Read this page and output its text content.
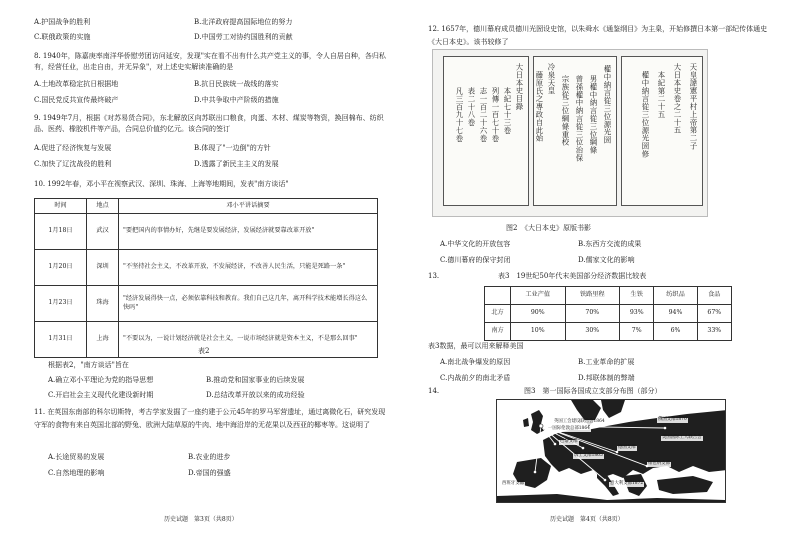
A.护国战争的胜利	B.北洋政府提高国际地位的努力
C.联俄政策的实施	D.中国劳工对协约国胜利的贡献
8. 1940年，陈嘉庚率南洋华侨慰劳团访问延安，发现"实在看不出有什么共产党主义的事，令人自居自种，各归私有，经营任业，出走自由，并无异象"，对上述史实解读准确的是
A.土地改革稳定抗日根据地	B.抗日民族统一战线的落实
C.国民党反共宣传最终破产	D.中共争取中产阶级的措施
9. 1949年7月，根据《对苏易货合同》，东北解放区向苏联出口粮食，肉蛋、木材、煤炭等物资，换回棉布、纺织品、医药、橡胶机件等产品，合同总价值约亿元。该合同的签订
A.促进了经济恢复与发展	B.体现了"一边倒"的方针
C.加快了辽沈战役的胜利	D.透露了新民主主义的发展
10. 1992年春，邓小平在视察武汉、深圳、珠海、上海等地期间，发表"南方谈话"
时间	地点	邓小平讲话摘要
1月18日	武汉	"要把国内的事情办好，先继是要发展经济，发展经济就要靠改革开放"
1月20日	深圳	"不坚持社会主义，不改革开放，不发展经济，不改善人民生活，只能是死路一条"
1月23日	珠海	"经济发展得快一点，必须依靠科技和教育。我们自己这几年，离开科学技术能增长得这么快吗"
1月31日	上海	"不要以为，一说计划经济就是社会主义，一说市场经济就是资本主义，不是那么回事"
表2
根据表2，"南方谈话"旨在
A.确立邓小平理论为党的指导思想	B.推动党和国家事业的后续发展
C.开启社会主义现代化建设新时期	D.总结改革开放以来的成功经验
11. 在英国东南部的科尔切斯特，考古学家发掘了一座约建于公元45年的罗马军营遗址，通过离微化石，研究发现守军的食物有来自英国北部的野兔、欧洲大陆草原的牛肉、地中海沿岸的无花果以及西亚的椰枣等。这说明了
A.长途贸易的发展	B.农业的进步
C.自然地理的影响	D.帝国的强盛
历史试题　第3页（共8页）
12. 1657年，德川幕府成员德川光圀设史馆，以朱舜水《通鉴纲目》为主臬，开始修撰日本第一部纪传体通史《大日本史》。该书较修了
大日本史目錄
本紀七十三卷
列傳一百七十卷
志一百二十六卷
表二十八卷
凡三百九十七卷	權中納言從三位源光圀
男權中納言從三位綱條
曾孫權中納言從三位治保
宗族從三位綱條重校
冷泉天皇
藤原氏之專政自此始	天皇諱憲平村上帝第二子
大日本史卷之二十五
本紀第二十五
權中納言從三位源光圀修
图2　《大日本史》原版书影
A.中华文化的开放包容	B.东西方交流的成果
C.德川幕府的保守封闭	D.儒家文化的影响
13.	表3　19世纪50年代末美国部分经济数据比较表
	工业产值	铁路里程	生铁	纺织品	食品
北方	90%	70%	93%	94%	67%
南方	10%	30%	7%	6%	33%
表3数据，最可以用来解释美国
A.南北战争爆发的原因	B.工业革命的扩展
C.内战前夕的南北矛盾	D.邦联体制的弊端
14.	图3　第一国际各国成立支部分布图（部分）
英国工会建设联合会1864
一国际伦敦总部1864
巴黎支部
西班牙支部
德国支部
瑞士支部1865
俄国支部1870
美国国际工人联合会
维也纳支部
意大利支部1872
历史试题　第4页（共8页）
